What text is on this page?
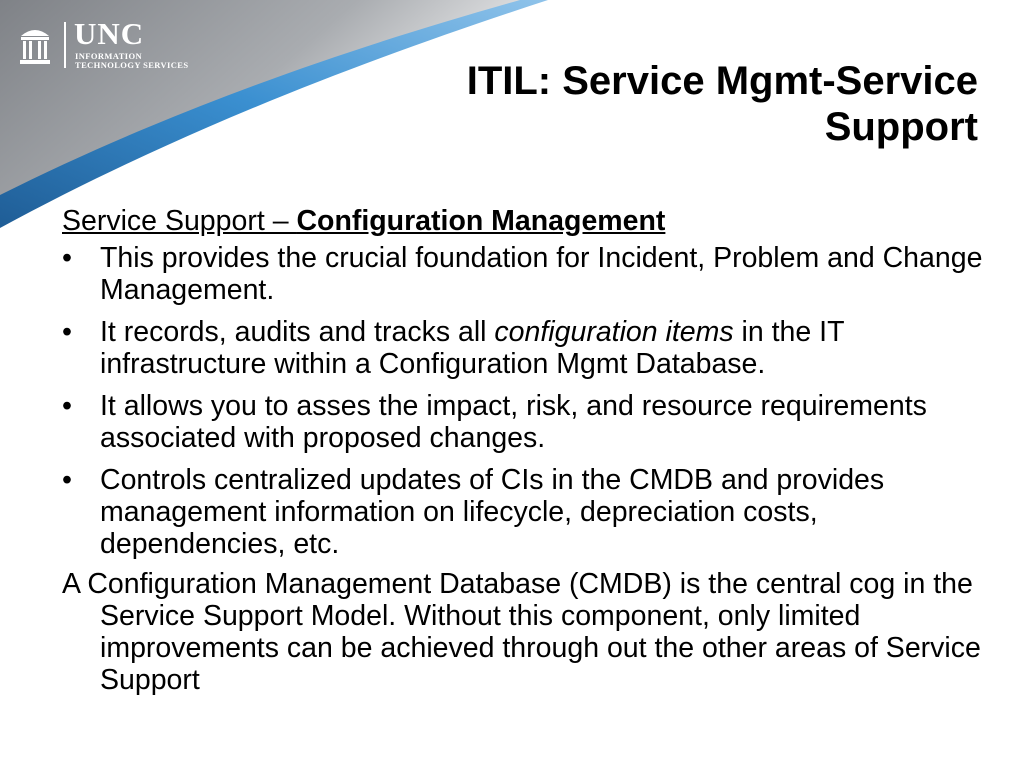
UNC
INFORMATION
TECHNOLOGY SERVICES	ITIL: Service Mgmt-Service
Support
Service Support – Configuration Management
• This provides the crucial foundation for Incident, Problem and Change Management.
• It records, audits and tracks all configuration items in the IT infrastructure within a Configuration Mgmt Database.
• It allows you to asses the impact, risk, and resource requirements associated with proposed changes.
• Controls centralized updates of CIs in the CMDB and provides management information on lifecycle, depreciation costs, dependencies, etc.
A Configuration Management Database (CMDB) is the central cog in the Service Support Model. Without this component, only limited improvements can be achieved through out the other areas of Service Support
